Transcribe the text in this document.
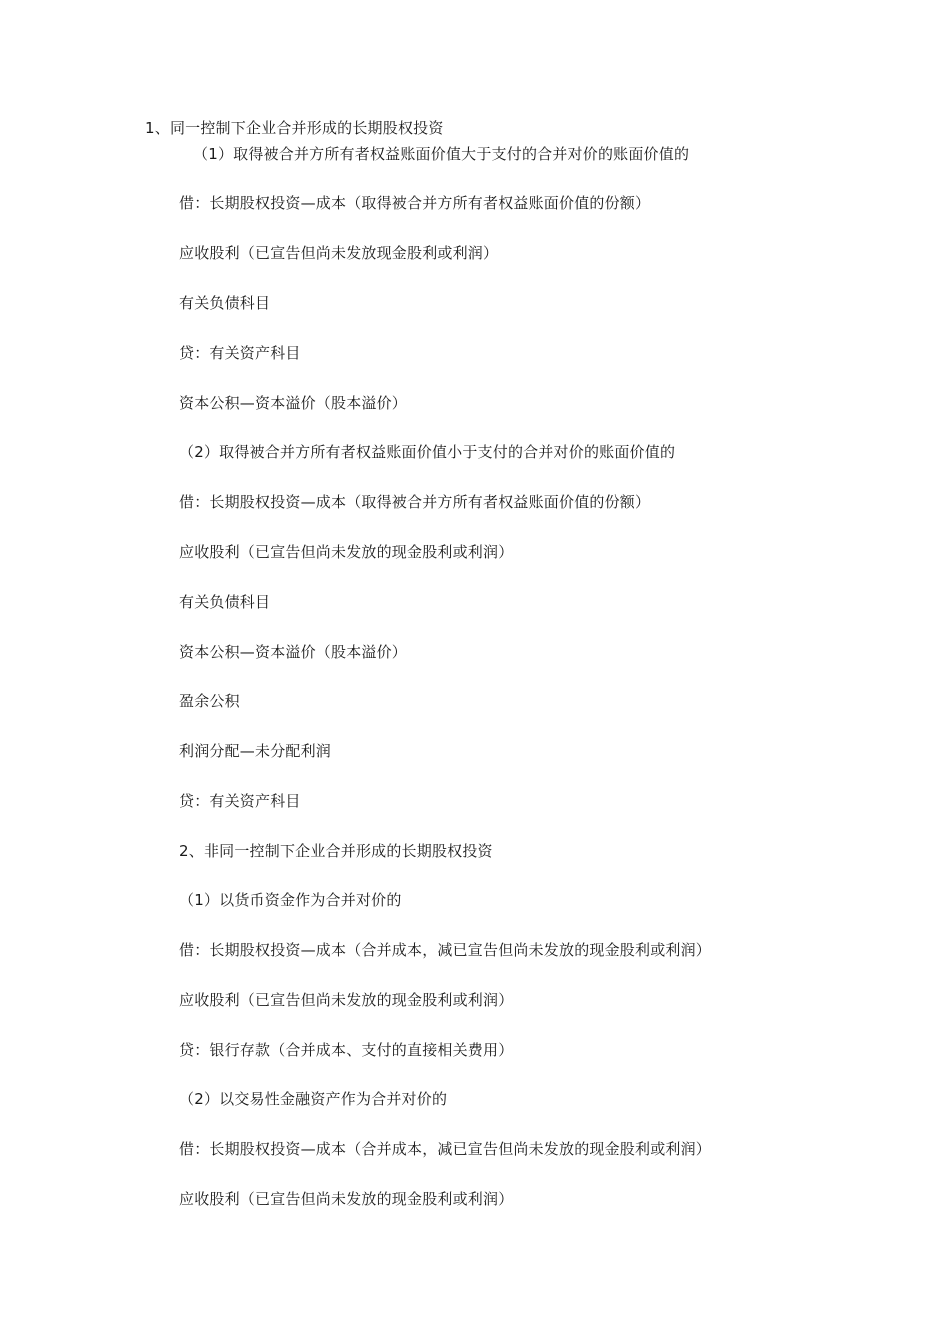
1、同一控制下企业合并形成的长期股权投资
（1）取得被合并方所有者权益账面价值大于支付的合并对价的账面价值的
借：长期股权投资—成本（取得被合并方所有者权益账面价值的份额）
应收股利（已宣告但尚未发放现金股利或利润）
有关负债科目
贷：有关资产科目
资本公积—资本溢价（股本溢价）
（2）取得被合并方所有者权益账面价值小于支付的合并对价的账面价值的
借：长期股权投资—成本（取得被合并方所有者权益账面价值的份额）
应收股利（已宣告但尚未发放的现金股利或利润）
有关负债科目
资本公积—资本溢价（股本溢价）
盈余公积
利润分配—未分配利润
贷：有关资产科目
2、非同一控制下企业合并形成的长期股权投资
（1）以货币资金作为合并对价的
借：长期股权投资—成本（合并成本，减已宣告但尚未发放的现金股利或利润）
应收股利（已宣告但尚未发放的现金股利或利润）
贷：银行存款（合并成本、支付的直接相关费用）
（2）以交易性金融资产作为合并对价的
借：长期股权投资—成本（合并成本，减已宣告但尚未发放的现金股利或利润）
应收股利（已宣告但尚未发放的现金股利或利润）
